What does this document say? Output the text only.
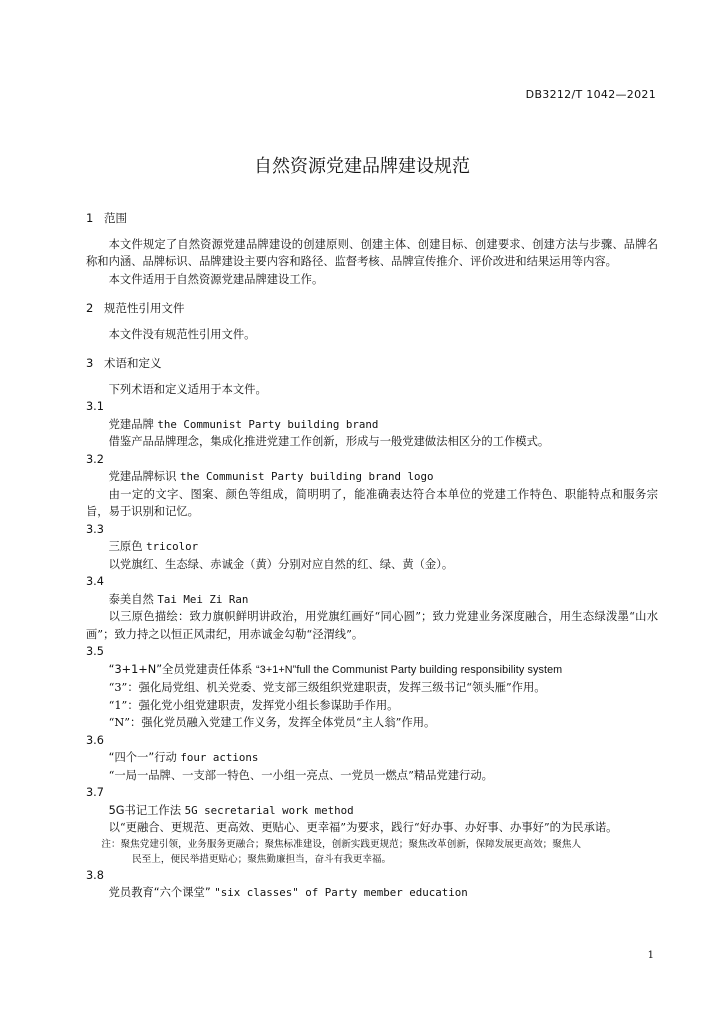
DB3212/T 1042—2021
自然资源党建品牌建设规范

1 范围

本文件规定了自然资源党建品牌建设的创建原则、创建主体、创建目标、创建要求、创建方法与步骤、品牌名称和内涵、品牌标识、品牌建设主要内容和路径、监督考核、品牌宣传推介、评价改进和结果运用等内容。

本文件适用于自然资源党建品牌建设工作。

2 规范性引用文件

本文件没有规范性引用文件。

3 术语和定义

下列术语和定义适用于本文件。

3.1

党建品牌 the Communist Party building brand

借鉴产品品牌理念，集成化推进党建工作创新，形成与一般党建做法相区分的工作模式。

3.2

党建品牌标识 the Communist Party building brand logo

由一定的文字、图案、颜色等组成，简明明了，能准确表达符合本单位的党建工作特色、职能特点和服务宗旨，易于识别和记忆。

3.3

三原色 tricolor

以党旗红、生态绿、赤诚金（黄）分别对应自然的红、绿、黄（金）。

3.4

泰美自然 Tai Mei Zi Ran

以三原色描绘：致力旗帜鲜明讲政治，用党旗红画好“同心圆”；致力党建业务深度融合，用生态绿泼墨“山水画”；致力持之以恒正风肃纪，用赤诚金勾勒“泾渭线”。

3.5

“3+1+N”全员党建责任体系 “3+1+N”full the Communist Party building responsibility system

“3”：强化局党组、机关党委、党支部三级组织党建职责，发挥三级书记“领头雁”作用。

“1”：强化党小组党建职责，发挥党小组长参谋助手作用。

“N”：强化党员融入党建工作义务，发挥全体党员“主人翁”作用。

3.6

“四个一”行动 four actions

“一局一品牌、一支部一特色、一小组一亮点、一党员一燃点”精品党建行动。

3.7

5G书记工作法 5G secretarial work method

以“更融合、更规范、更高效、更贴心、更幸福”为要求，践行“好办事、办好事、办事好”的为民承诺。

注：聚焦党建引领，业务服务更融合；聚焦标准建设，创新实践更规范；聚焦改革创新，保障发展更高效；聚焦人
民至上，便民举措更贴心；聚焦勤廉担当，奋斗有我更幸福。

3.8

党员教育“六个课堂” "six classes" of Party member education

1
